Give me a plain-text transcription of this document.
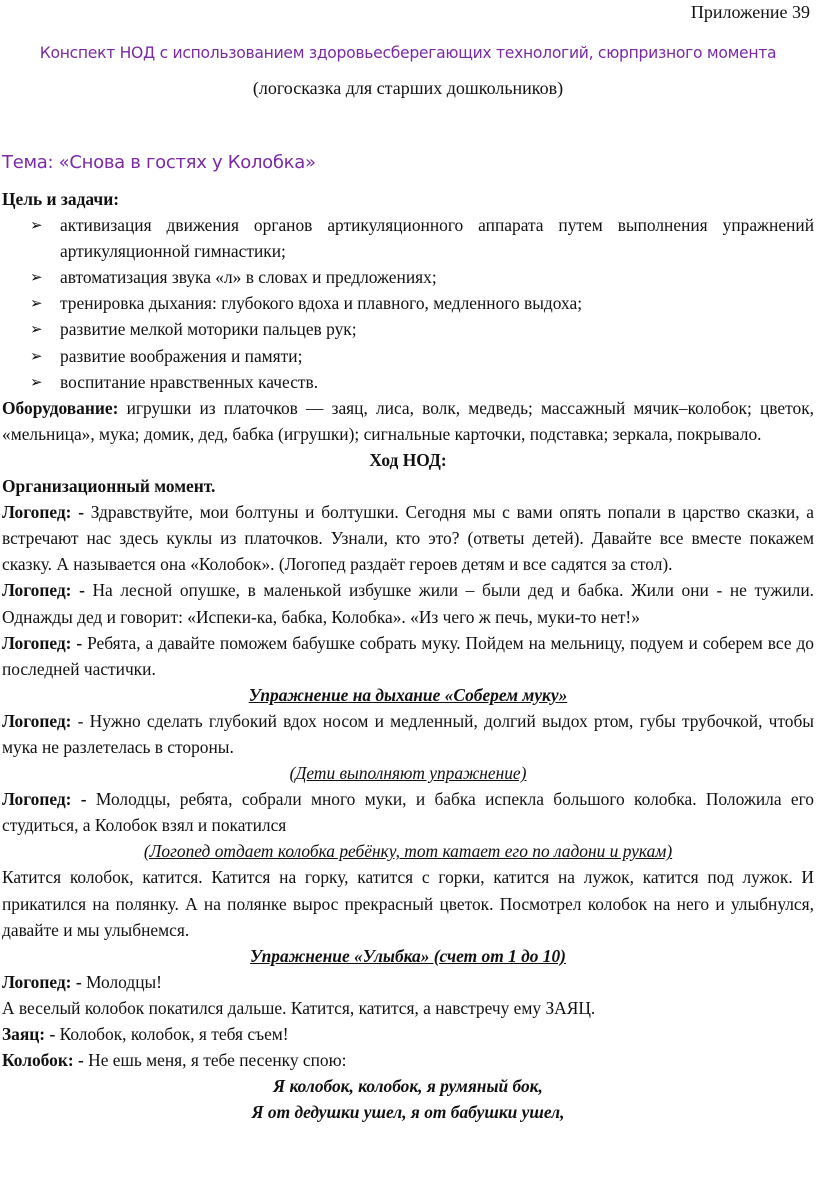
Приложение 39
Конспект НОД с использованием здоровьесберегающих технологий, сюрпризного момента
(логосказка для старших дошкольников)
Тема: «Снова в гостях у Колобка»

Цель и задачи:

➢ активизация движения органов артикуляционного аппарата путем выполнения упражнений артикуляционной гимнастики;
➢ автоматизация звука «л» в словах и предложениях;
➢ тренировка дыхания: глубокого вдоха и плавного, медленного выдоха;
➢ развитие мелкой моторики пальцев рук;
➢ развитие воображения и памяти;
➢ воспитание нравственных качеств.

Оборудование: игрушки из платочков — заяц, лиса, волк, медведь; массажный мячик–колобок; цветок, «мельница», мука; домик, дед, бабка (игрушки); сигнальные карточки, подставка; зеркала, покрывало.

Ход НОД:

Организационный момент.

Логопед: - Здравствуйте, мои болтуны и болтушки. Сегодня мы с вами опять попали в царство сказки, а встречают нас здесь куклы из платочков. Узнали, кто это? (ответы детей). Давайте все вместе покажем сказку. А называется она «Колобок». (Логопед раздаёт героев детям и все садятся за стол).

Логопед: - На лесной опушке, в маленькой избушке жили – были дед и бабка. Жили они - не тужили. Однажды дед и говорит: «Испеки-ка, бабка, Колобка». «Из чего ж печь, муки-то нет!»

Логопед: - Ребята, а давайте поможем бабушке собрать муку. Пойдем на мельницу, подуем и соберем все до последней частички.

Упражнение на дыхание «Соберем муку»

Логопед: - Нужно сделать глубокий вдох носом и медленный, долгий выдох ртом, губы трубочкой, чтобы мука не разлетелась в стороны.

(Дети выполняют упражнение)

Логопед: - Молодцы, ребята, собрали много муки, и бабка испекла большого колобка. Положила его студиться, а Колобок взял и покатился

(Логопед отдает колобка ребёнку, тот катает его по ладони и рукам)

Катится колобок, катится. Катится на горку, катится с горки, катится на лужок, катится под лужок. И прикатился на полянку. А на полянке вырос прекрасный цветок. Посмотрел колобок на него и улыбнулся, давайте и мы улыбнемся.

Упражнение «Улыбка» (счет от 1 до 10)

Логопед: - Молодцы!

А веселый колобок покатился дальше. Катится, катится, а навстречу ему ЗАЯЦ.

Заяц: - Колобок, колобок, я тебя съем!

Колобок: - Не ешь меня, я тебе песенку спою:

Я колобок, колобок, я румяный бок,

Я от дедушки ушел, я от бабушки ушел,
